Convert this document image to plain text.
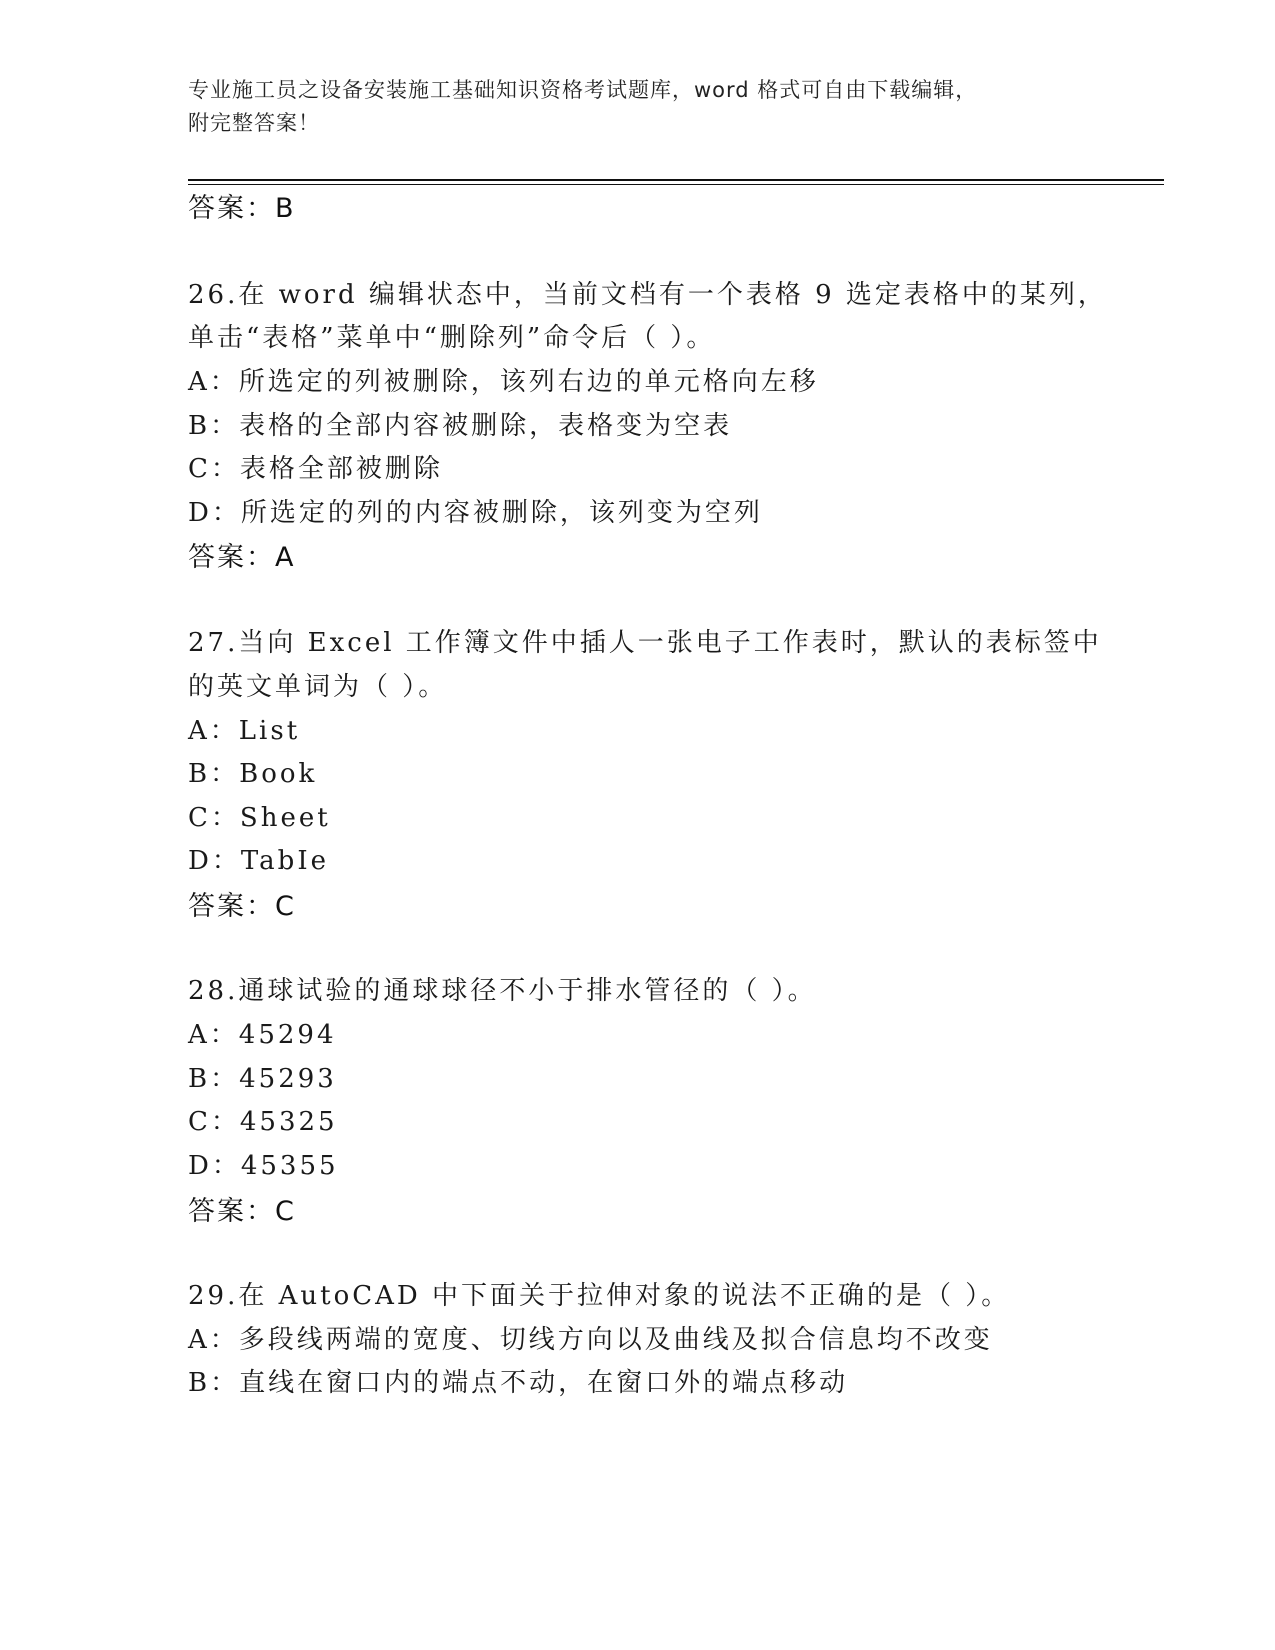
专业施工员之设备安装施工基础知识资格考试题库，word 格式可自由下载编辑，
附完整答案！
答案：B
26.在 word 编辑状态中，当前文档有一个表格 9 选定表格中的某列，
单击“表格”菜单中“删除列”命令后（ ）。
A：所选定的列被删除，该列右边的单元格向左移
B：表格的全部内容被删除，表格变为空表
C：表格全部被删除
D：所选定的列的内容被删除，该列变为空列
答案：A
27.当向 Excel 工作簿文件中插人一张电子工作表时，默认的表标签中
的英文单词为（ ）。
A：List
B：Book
C：Sheet
D：TabIe
答案：C
28.通球试验的通球球径不小于排水管径的（ ）。
A：45294
B：45293
C：45325
D：45355
答案：C
29.在 AutoCAD 中下面关于拉伸对象的说法不正确的是（ ）。
A：多段线两端的宽度、切线方向以及曲线及拟合信息均不改变
B：直线在窗口内的端点不动，在窗口外的端点移动
